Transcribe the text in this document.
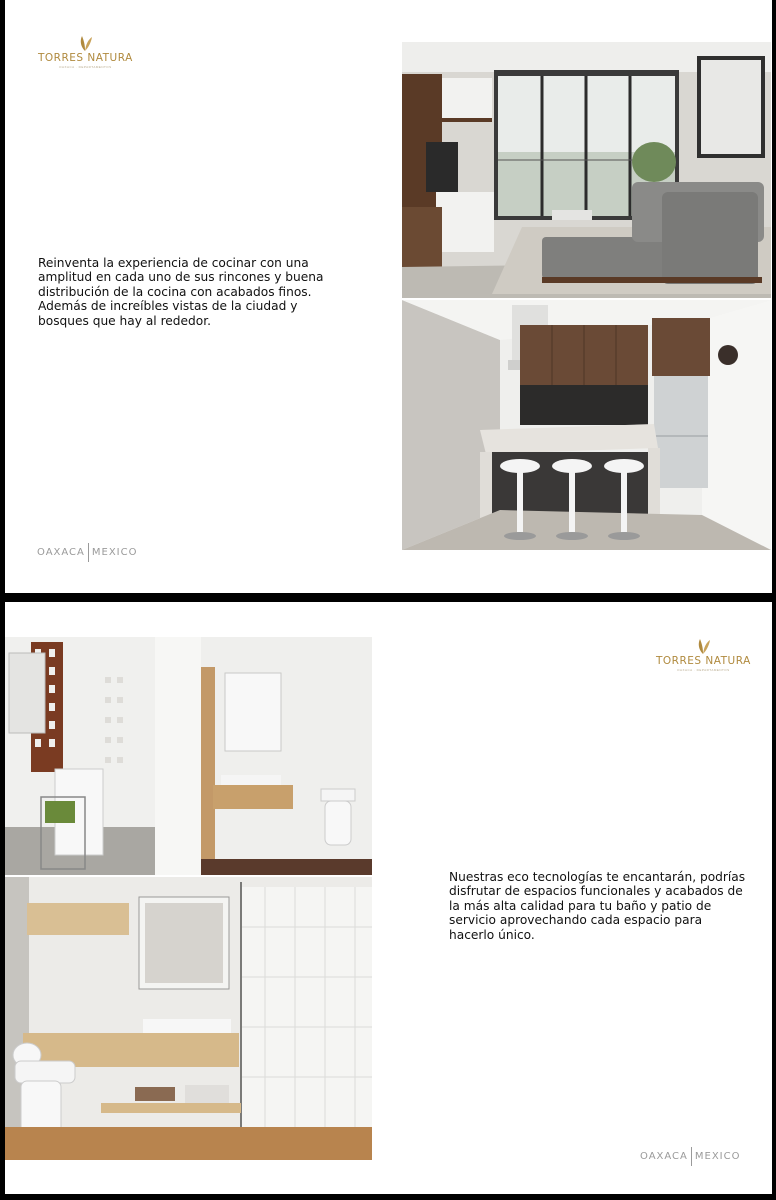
TORRES NATURA
OAXACA · DEPARTAMENTOS
Reinventa la experiencia de cocinar con una
amplitud en cada uno de sus rincones y buena
distribución de la cocina con acabados finos.
Además de increíbles vistas de la ciudad y
bosques que hay al rededor.
OAXACA MEXICO
TORRES NATURA
OAXACA · DEPARTAMENTOS
Nuestras eco tecnologías te encantarán, podrías
disfrutar de espacios funcionales y acabados de
la más alta calidad para tu baño y patio de
servicio aprovechando cada espacio para
hacerlo único.
OAXACA MEXICO
